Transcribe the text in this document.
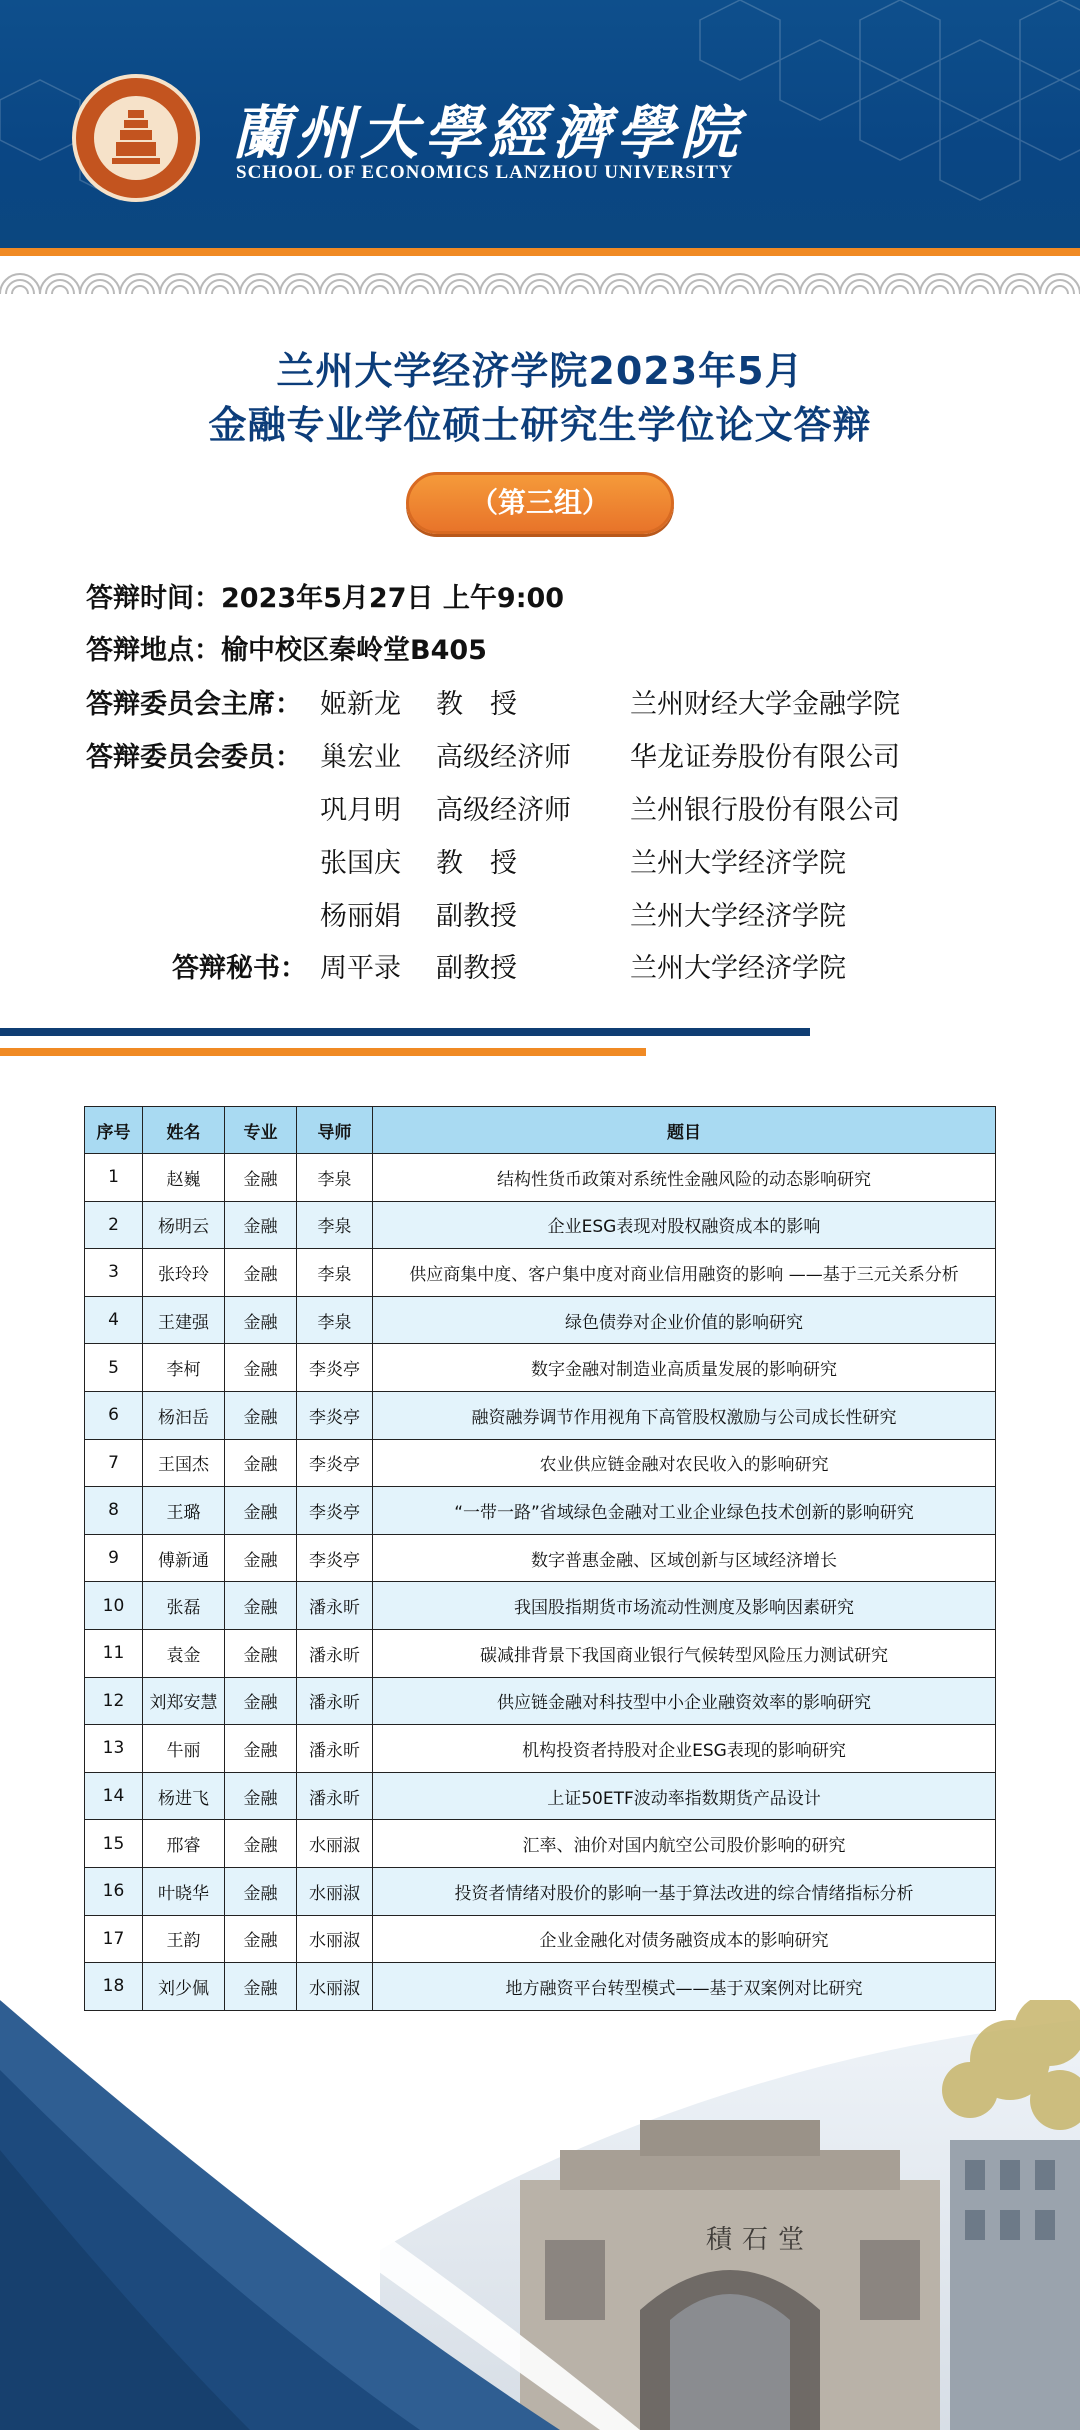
蘭州大學經濟學院
SCHOOL OF ECONOMICS LANZHOU UNIVERSITY
兰州大学经济学院2023年5月
金融专业学位硕士研究生学位论文答辩
（第三组）
答辩时间：2023年5月27日 上午9:00
答辩地点：榆中校区秦岭堂B405
答辩委员会主席： 姬新龙 教　授	兰州财经大学金融学院
答辩委员会委员： 巢宏业 高级经济师 华龙证券股份有限公司
巩月明 高级经济师 兰州银行股份有限公司
张国庆 教　授	兰州大学经济学院
杨丽娟 副教授	兰州大学经济学院
答辩秘书： 周平录 副教授	兰州大学经济学院
序号	姓名	专业	导师	题目
1	赵巍	金融	李泉	结构性货币政策对系统性金融风险的动态影响研究
2	杨明云	金融	李泉	企业ESG表现对股权融资成本的影响
3	张玲玲	金融	李泉	供应商集中度、客户集中度对商业信用融资的影响 ——基于三元关系分析
4	王建强	金融	李泉	绿色债券对企业价值的影响研究
5	李柯	金融	李炎亭	数字金融对制造业高质量发展的影响研究
6	杨汩岳	金融	李炎亭	融资融券调节作用视角下高管股权激励与公司成长性研究
7	王国杰	金融	李炎亭	农业供应链金融对农民收入的影响研究
8	王璐	金融	李炎亭	“一带一路”省域绿色金融对工业企业绿色技术创新的影响研究
9	傅新通	金融	李炎亭	数字普惠金融、区域创新与区域经济增长
10	张磊	金融	潘永昕	我国股指期货市场流动性测度及影响因素研究
11	袁金	金融	潘永昕	碳减排背景下我国商业银行气候转型风险压力测试研究
12	刘郑安慧	金融	潘永昕	供应链金融对科技型中小企业融资效率的影响研究
13	牛丽	金融	潘永昕	机构投资者持股对企业ESG表现的影响研究
14	杨进飞	金融	潘永昕	上证50ETF波动率指数期货产品设计
15	邢睿	金融	水丽淑	汇率、油价对国内航空公司股价影响的研究
16	叶晓华	金融	水丽淑	投资者情绪对股价的影响一基于算法改进的综合情绪指标分析
17	王韵	金融	水丽淑	企业金融化对债务融资成本的影响研究
18	刘少佩	金融	水丽淑	地方融资平台转型模式——基于双案例对比研究
積石堂
